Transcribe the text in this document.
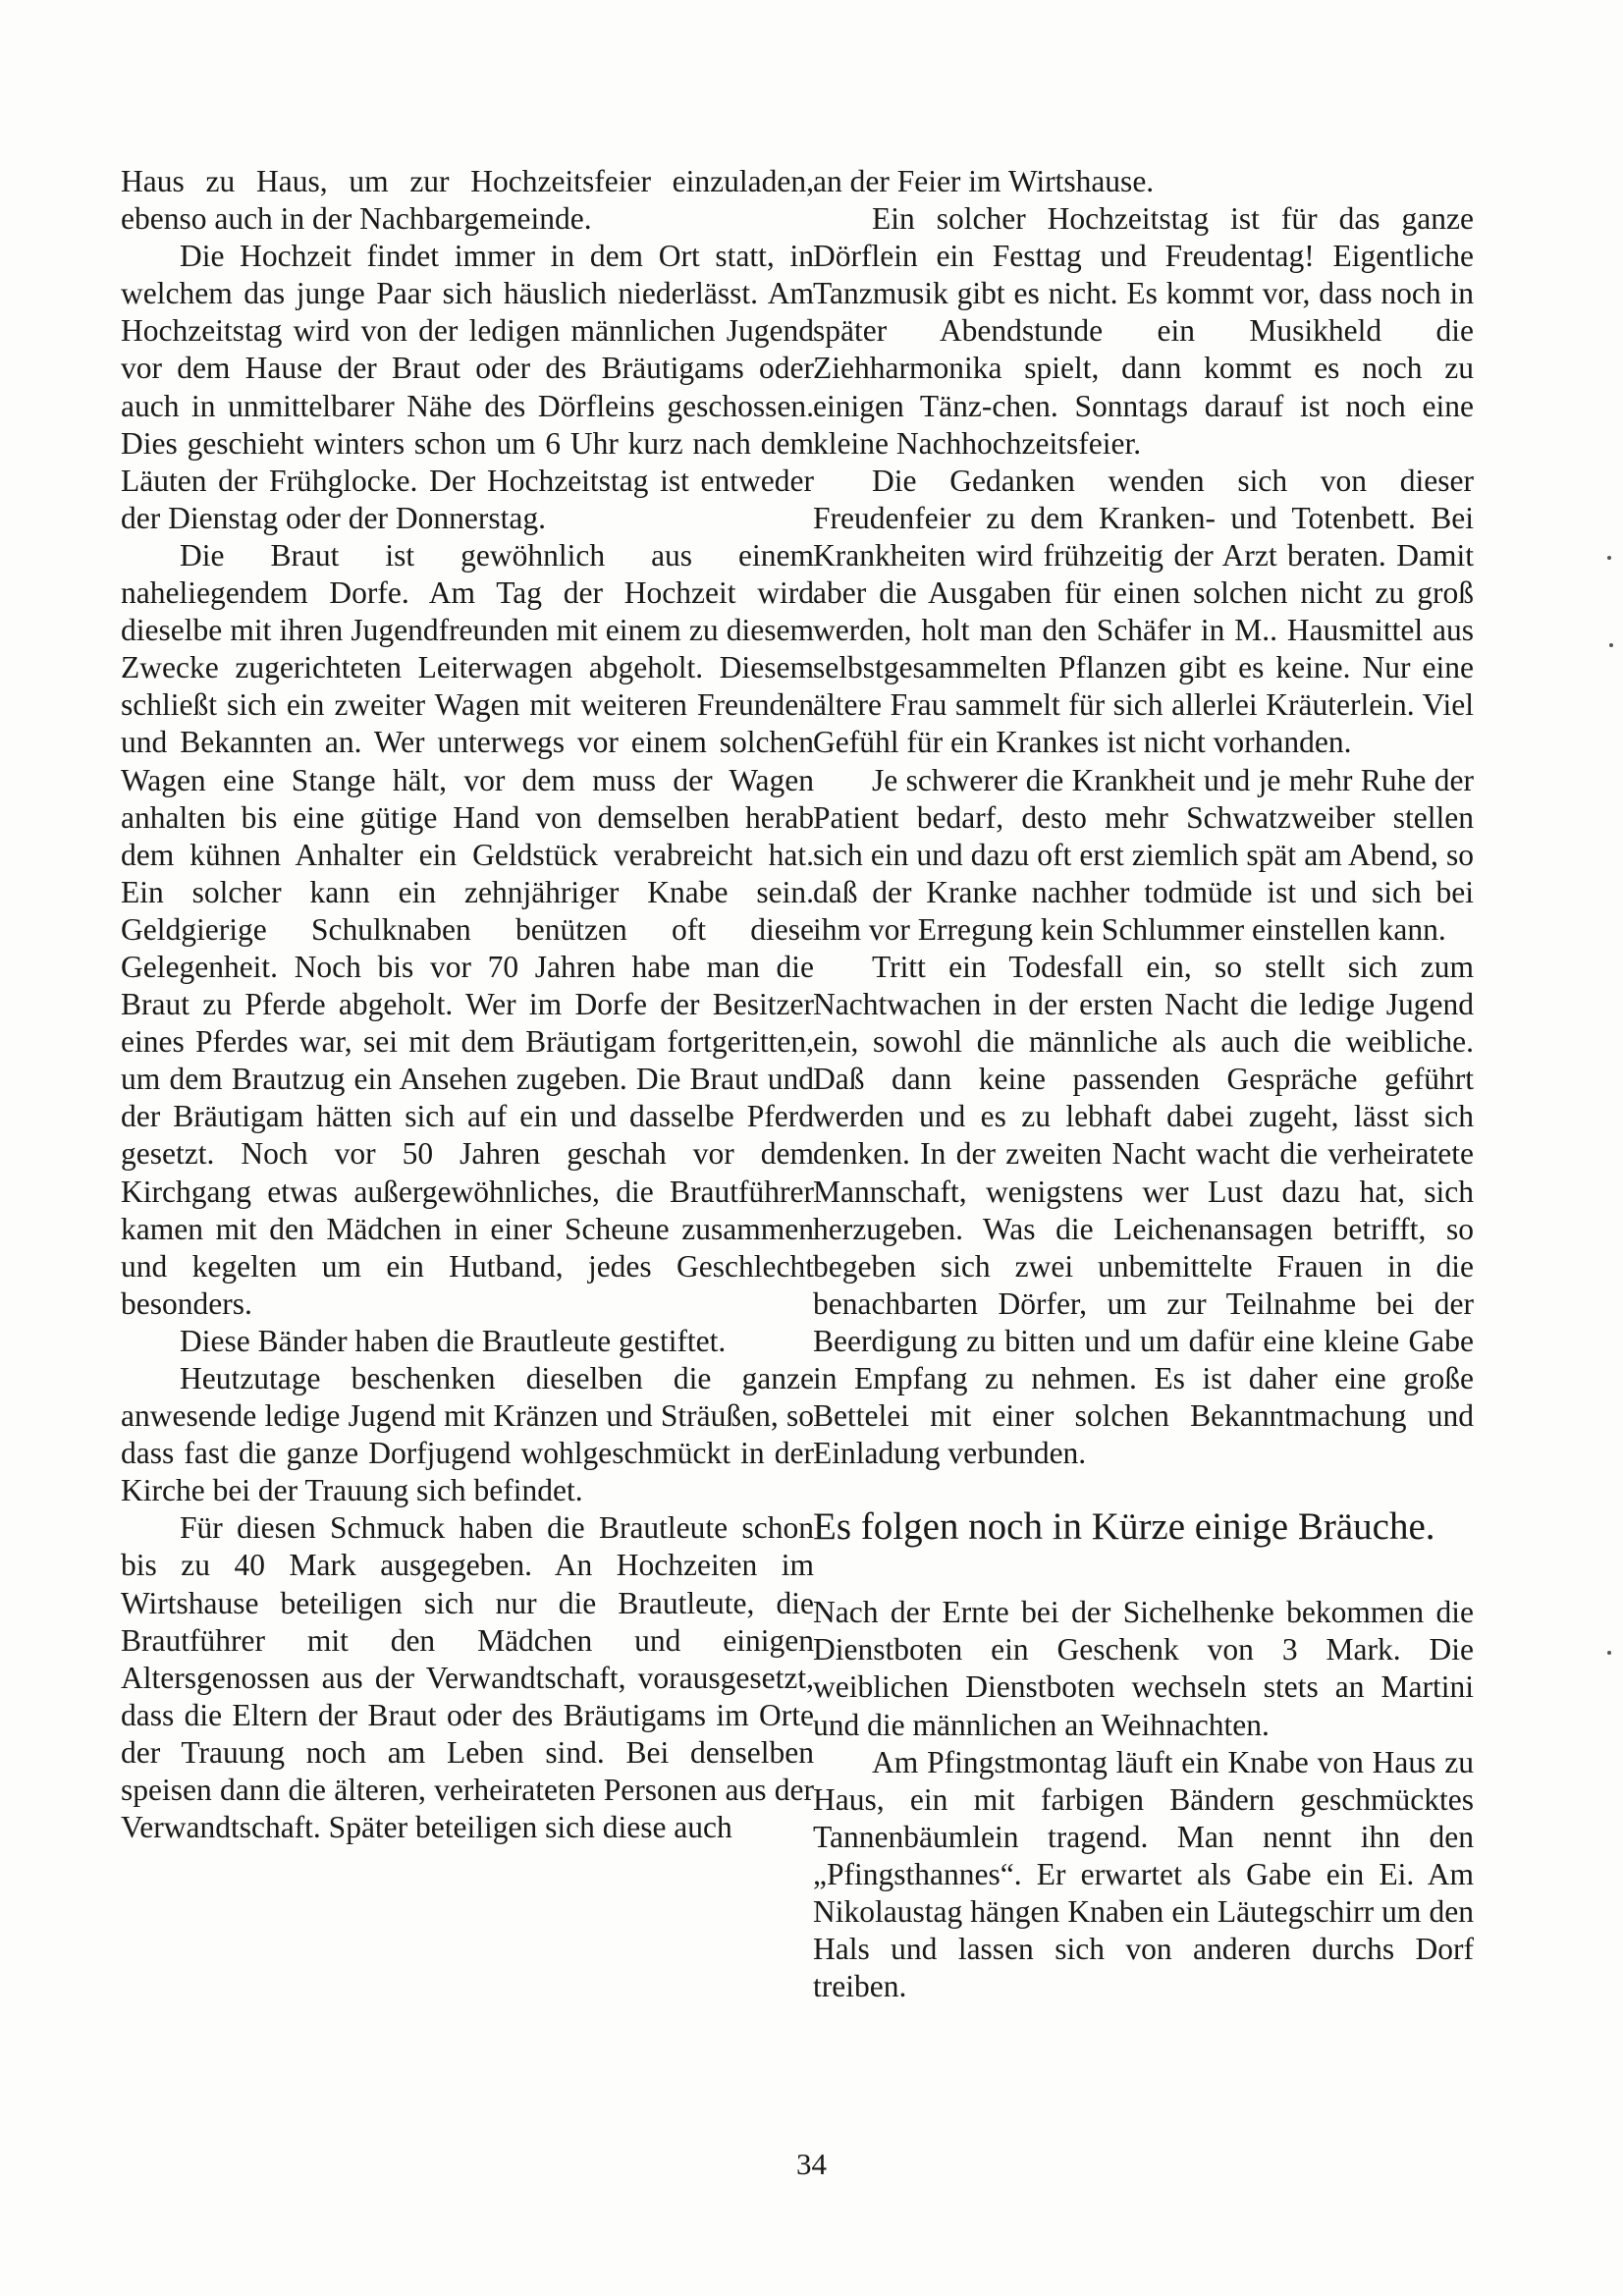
Haus zu Haus, um zur Hochzeitsfeier einzuladen, ebenso auch in der Nachbargemeinde.

Die Hochzeit findet immer in dem Ort statt, in welchem das junge Paar sich häuslich niederlässt. Am Hochzeitstag wird von der ledigen männlichen Jugend vor dem Hause der Braut oder des Bräutigams oder auch in unmittelbarer Nähe des Dörfleins geschossen. Dies geschieht winters schon um 6 Uhr kurz nach dem Läuten der Frühglocke. Der Hochzeitstag ist entweder der Dienstag oder der Donnerstag.

Die Braut ist gewöhnlich aus einem naheliegendem Dorfe. Am Tag der Hochzeit wird dieselbe mit ihren Jugendfreunden mit einem zu diesem Zwecke zugerichteten Leiterwagen abgeholt. Diesem schließt sich ein zweiter Wagen mit weiteren Freunden und Bekannten an. Wer unterwegs vor einem solchen Wagen eine Stange hält, vor dem muss der Wagen anhalten bis eine gütige Hand von demselben herab dem kühnen Anhalter ein Geldstück verabreicht hat. Ein solcher kann ein zehnjähriger Knabe sein. Geldgierige Schulknaben benützen oft diese Gelegenheit. Noch bis vor 70 Jahren habe man die Braut zu Pferde abgeholt. Wer im Dorfe der Besitzer eines Pferdes war, sei mit dem Bräutigam fortgeritten, um dem Brautzug ein Ansehen zugeben. Die Braut und der Bräutigam hätten sich auf ein und dasselbe Pferd gesetzt. Noch vor 50 Jahren geschah vor dem Kirchgang etwas außergewöhnliches, die Brautführer kamen mit den Mädchen in einer Scheune zusammen und kegelten um ein Hutband, jedes Geschlecht besonders.

Diese Bänder haben die Brautleute gestiftet.

Heutzutage beschenken dieselben die ganze anwesende ledige Jugend mit Kränzen und Sträußen, so dass fast die ganze Dorfjugend wohlgeschmückt in der Kirche bei der Trauung sich befindet.

Für diesen Schmuck haben die Brautleute schon bis zu 40 Mark ausgegeben. An Hochzeiten im Wirtshause beteiligen sich nur die Brautleute, die Brautführer mit den Mädchen und einigen Altersgenossen aus der Verwandtschaft, vorausgesetzt, dass die Eltern der Braut oder des Bräutigams im Orte der Trauung noch am Leben sind. Bei denselben speisen dann die älteren, verheirateten Personen aus der Verwandtschaft. Später beteiligen sich diese auch

an der Feier im Wirtshause.

Ein solcher Hochzeitstag ist für das ganze Dörflein ein Festtag und Freudentag! Eigentliche Tanzmusik gibt es nicht. Es kommt vor, dass noch in später Abendstunde ein Musikheld die Ziehharmonika spielt, dann kommt es noch zu einigen Tänz-chen. Sonntags darauf ist noch eine kleine Nachhochzeitsfeier.

Die Gedanken wenden sich von dieser Freudenfeier zu dem Kranken- und Totenbett. Bei Krankheiten wird frühzeitig der Arzt beraten. Damit aber die Ausgaben für einen solchen nicht zu groß werden, holt man den Schäfer in M.. Hausmittel aus selbstgesammelten Pflanzen gibt es keine. Nur eine ältere Frau sammelt für sich allerlei Kräuterlein. Viel Gefühl für ein Krankes ist nicht vorhanden.

Je schwerer die Krankheit und je mehr Ruhe der Patient bedarf, desto mehr Schwatzweiber stellen sich ein und dazu oft erst ziemlich spät am Abend, so daß der Kranke nachher todmüde ist und sich bei ihm vor Erregung kein Schlummer einstellen kann.

Tritt ein Todesfall ein, so stellt sich zum Nachtwachen in der ersten Nacht die ledige Jugend ein, sowohl die männliche als auch die weibliche. Daß dann keine passenden Gespräche geführt werden und es zu lebhaft dabei zugeht, lässt sich denken. In der zweiten Nacht wacht die verheiratete Mannschaft, wenigstens wer Lust dazu hat, sich herzugeben. Was die Leichenansagen betrifft, so begeben sich zwei unbemittelte Frauen in die benachbarten Dörfer, um zur Teilnahme bei der Beerdigung zu bitten und um dafür eine kleine Gabe in Empfang zu nehmen. Es ist daher eine große Bettelei mit einer solchen Bekanntmachung und Einladung verbunden.

Es folgen noch in Kürze einige Bräuche.

Nach der Ernte bei der Sichelhenke bekommen die Dienstboten ein Geschenk von 3 Mark. Die weiblichen Dienstboten wechseln stets an Martini und die männlichen an Weihnachten.

Am Pfingstmontag läuft ein Knabe von Haus zu Haus, ein mit farbigen Bändern geschmücktes Tannenbäumlein tragend. Man nennt ihn den „Pfingsthannes“. Er erwartet als Gabe ein Ei. Am Nikolaustag hängen Knaben ein Läutegschirr um den Hals und lassen sich von anderen durchs Dorf treiben.

34
